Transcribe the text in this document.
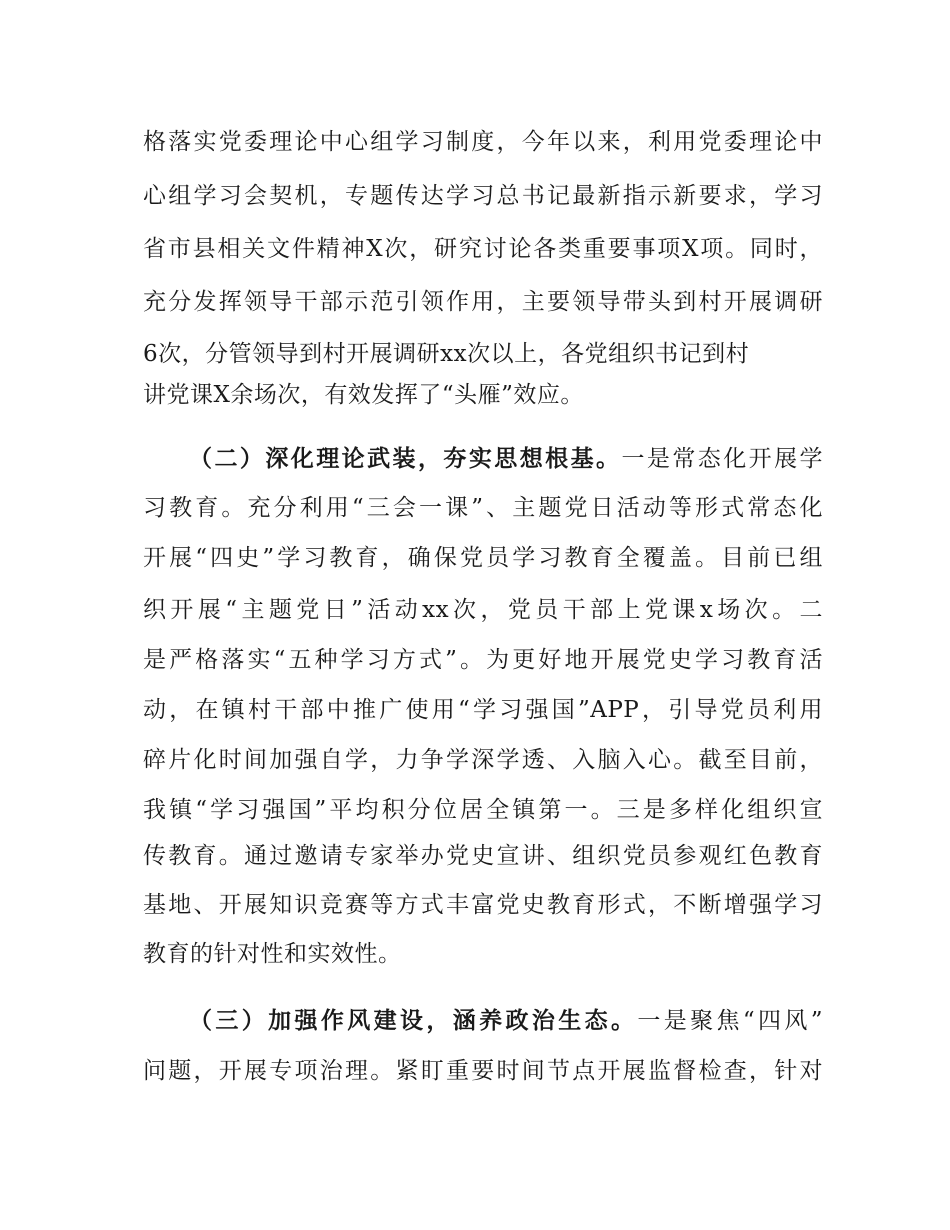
格落实党委理论中心组学习制度，今年以来，利用党委理论中
心组学习会契机，专题传达学习总书记最新指示新要求，学习
省市县相关文件精神X次，研究讨论各类重要事项X项。同时，
充分发挥领导干部示范引领作用，主要领导带头到村开展调研
6次，分管领导到村开展调研xx次以上，各党组织书记到村
讲党课X余场次，有效发挥了“头雁”效应。
（二）深化理论武装，夯实思想根基。一是常态化开展学
习教育。充分利用“三会一课”、主题党日活动等形式常态化
开展“四史”学习教育，确保党员学习教育全覆盖。目前已组
织开展“主题党日”活动xx次，党员干部上党课x场次。二
是严格落实“五种学习方式”。为更好地开展党史学习教育活
动，在镇村干部中推广使用“学习强国”APP，引导党员利用
碎片化时间加强自学，力争学深学透、入脑入心。截至目前，
我镇“学习强国”平均积分位居全镇第一。三是多样化组织宣
传教育。通过邀请专家举办党史宣讲、组织党员参观红色教育
基地、开展知识竞赛等方式丰富党史教育形式，不断增强学习
教育的针对性和实效性。
（三）加强作风建设，涵养政治生态。一是聚焦“四风”
问题，开展专项治理。紧盯重要时间节点开展监督检查，针对
